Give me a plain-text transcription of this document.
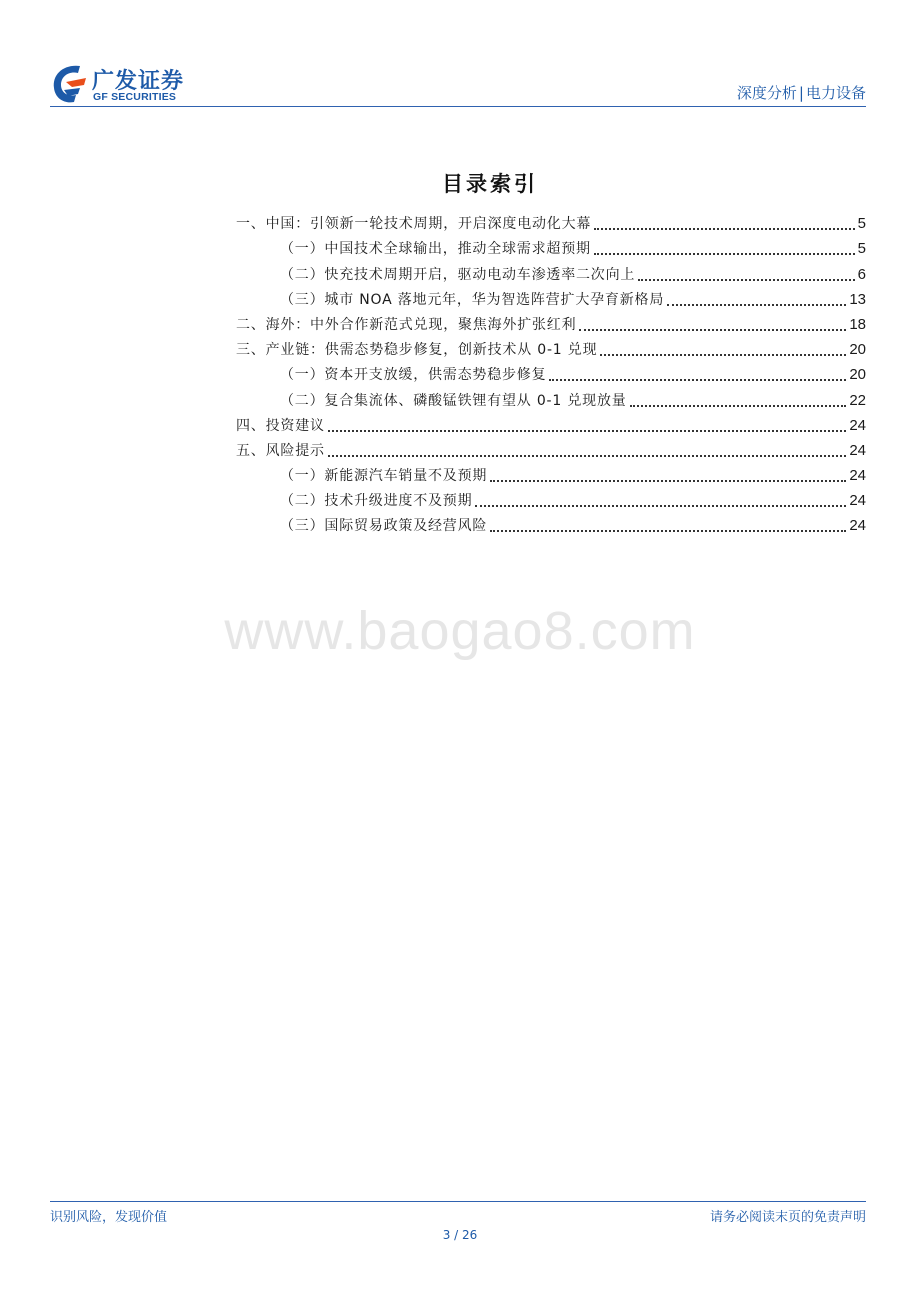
广发证券
GF SECURITIES	深度分析 | 电力设备
目录索引
一、中国：引领新一轮技术周期，开启深度电动化大幕	5
（一）中国技术全球输出，推动全球需求超预期	5
（二）快充技术周期开启，驱动电动车渗透率二次向上	6
（三）城市 NOA 落地元年，华为智选阵营扩大孕育新格局	13
二、海外：中外合作新范式兑现，聚焦海外扩张红利	18
三、产业链：供需态势稳步修复，创新技术从 0-1 兑现	20
（一）资本开支放缓，供需态势稳步修复	20
（二）复合集流体、磷酸锰铁锂有望从 0-1 兑现放量	22
四、投资建议	24
五、风险提示	24
（一）新能源汽车销量不及预期	24
（二）技术升级进度不及预期	24
（三）国际贸易政策及经营风险	24
www.baogao8.com
识别风险，发现价值	请务必阅读末页的免责声明
3 / 26
